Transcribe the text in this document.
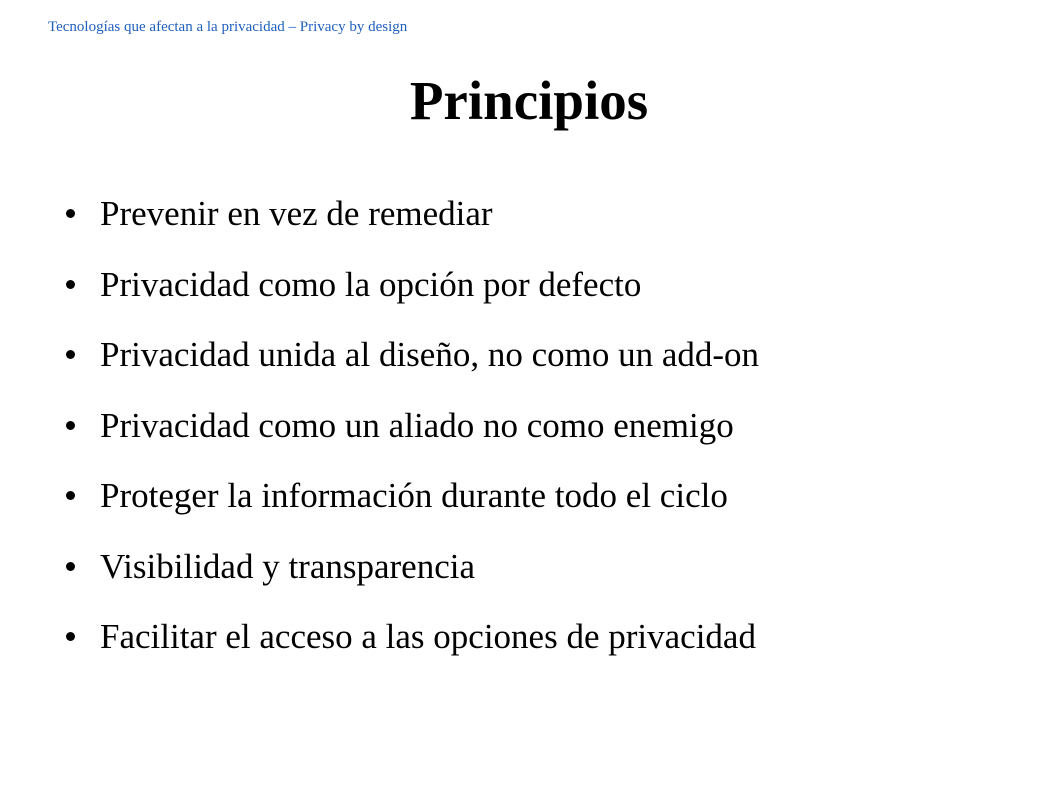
Tecnologías que afectan a la privacidad – Privacy by design
Principios
Prevenir en vez de remediar
Privacidad como la opción por defecto
Privacidad unida al diseño, no como un add-on
Privacidad como un aliado no como enemigo
Proteger la información durante todo el ciclo
Visibilidad y transparencia
Facilitar el acceso a las opciones de privacidad
